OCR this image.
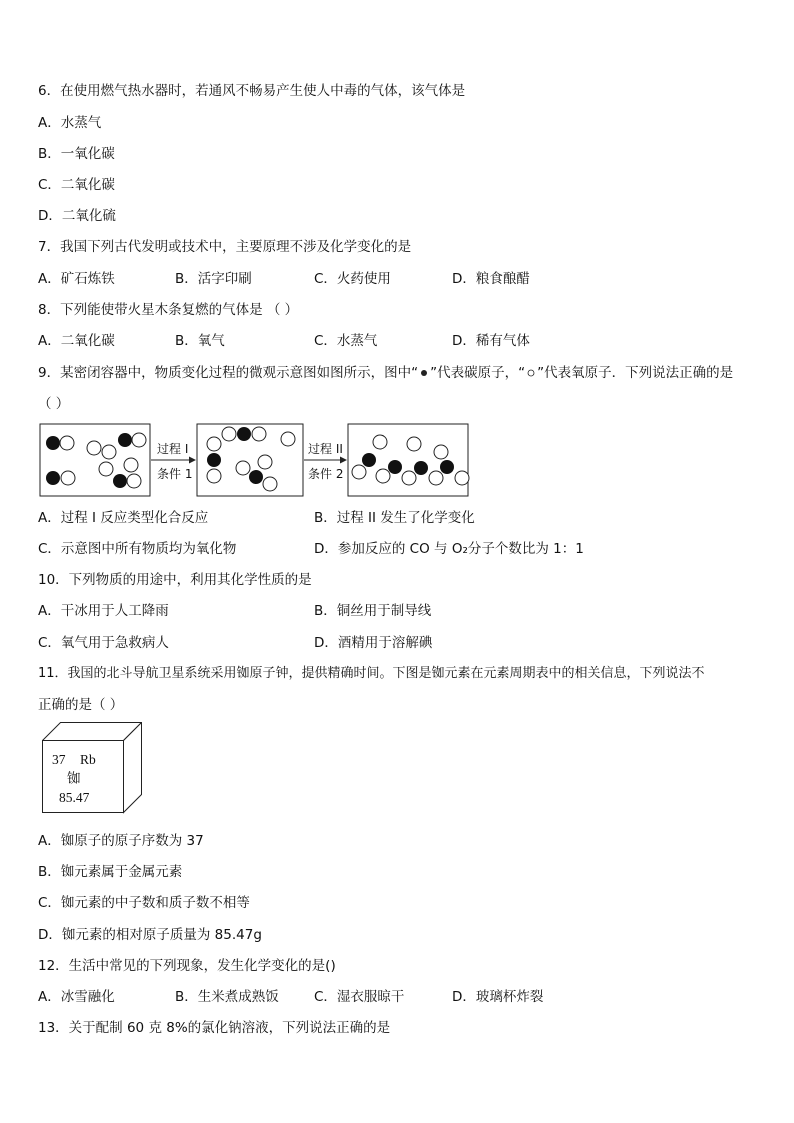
6．在使用燃气热水器时，若通风不畅易产生使人中毒的气体，该气体是
A．水蒸气
B．一氧化碳
C．二氧化碳
D．二氧化硫
7．我国下列古代发明或技术中，主要原理不涉及化学变化的是
A．矿石炼铁	B．活字印刷	C．火药使用	D．粮食酿醋
8．下列能使带火星木条复燃的气体是 （ ）
A．二氧化碳	B．氧气	C．水蒸气	D．稀有气体
9．某密闭容器中，物质变化过程的微观示意图如图所示，图中“ ”代表碳原子，“ ”代表氧原子．下列说法正确的是
（ ）
过程 I
条件 1
过程 II
条件 2
A．过程 I 反应类型化合反应	B．过程 II 发生了化学变化
C．示意图中所有物质均为氧化物	D．参加反应的 CO 与 O₂分子个数比为 1：1
10．下列物质的用途中，利用其化学性质的是
A．干冰用于人工降雨	B．铜丝用于制导线
C．氧气用于急救病人	D．酒精用于溶解碘
11．我国的北斗导航卫星系统采用铷原子钟，提供精确时间。下图是铷元素在元素周期表中的相关信息，下列说法不
正确的是（ ）
37 Rb
铷
85.47
A．铷原子的原子序数为 37
B．铷元素属于金属元素
C．铷元素的中子数和质子数不相等
D．铷元素的相对原子质量为 85.47g
12．生活中常见的下列现象，发生化学变化的是()
A．冰雪融化	B．生米煮成熟饭	C．湿衣服晾干	D．玻璃杯炸裂
13．关于配制 60 克 8%的氯化钠溶液，下列说法正确的是
